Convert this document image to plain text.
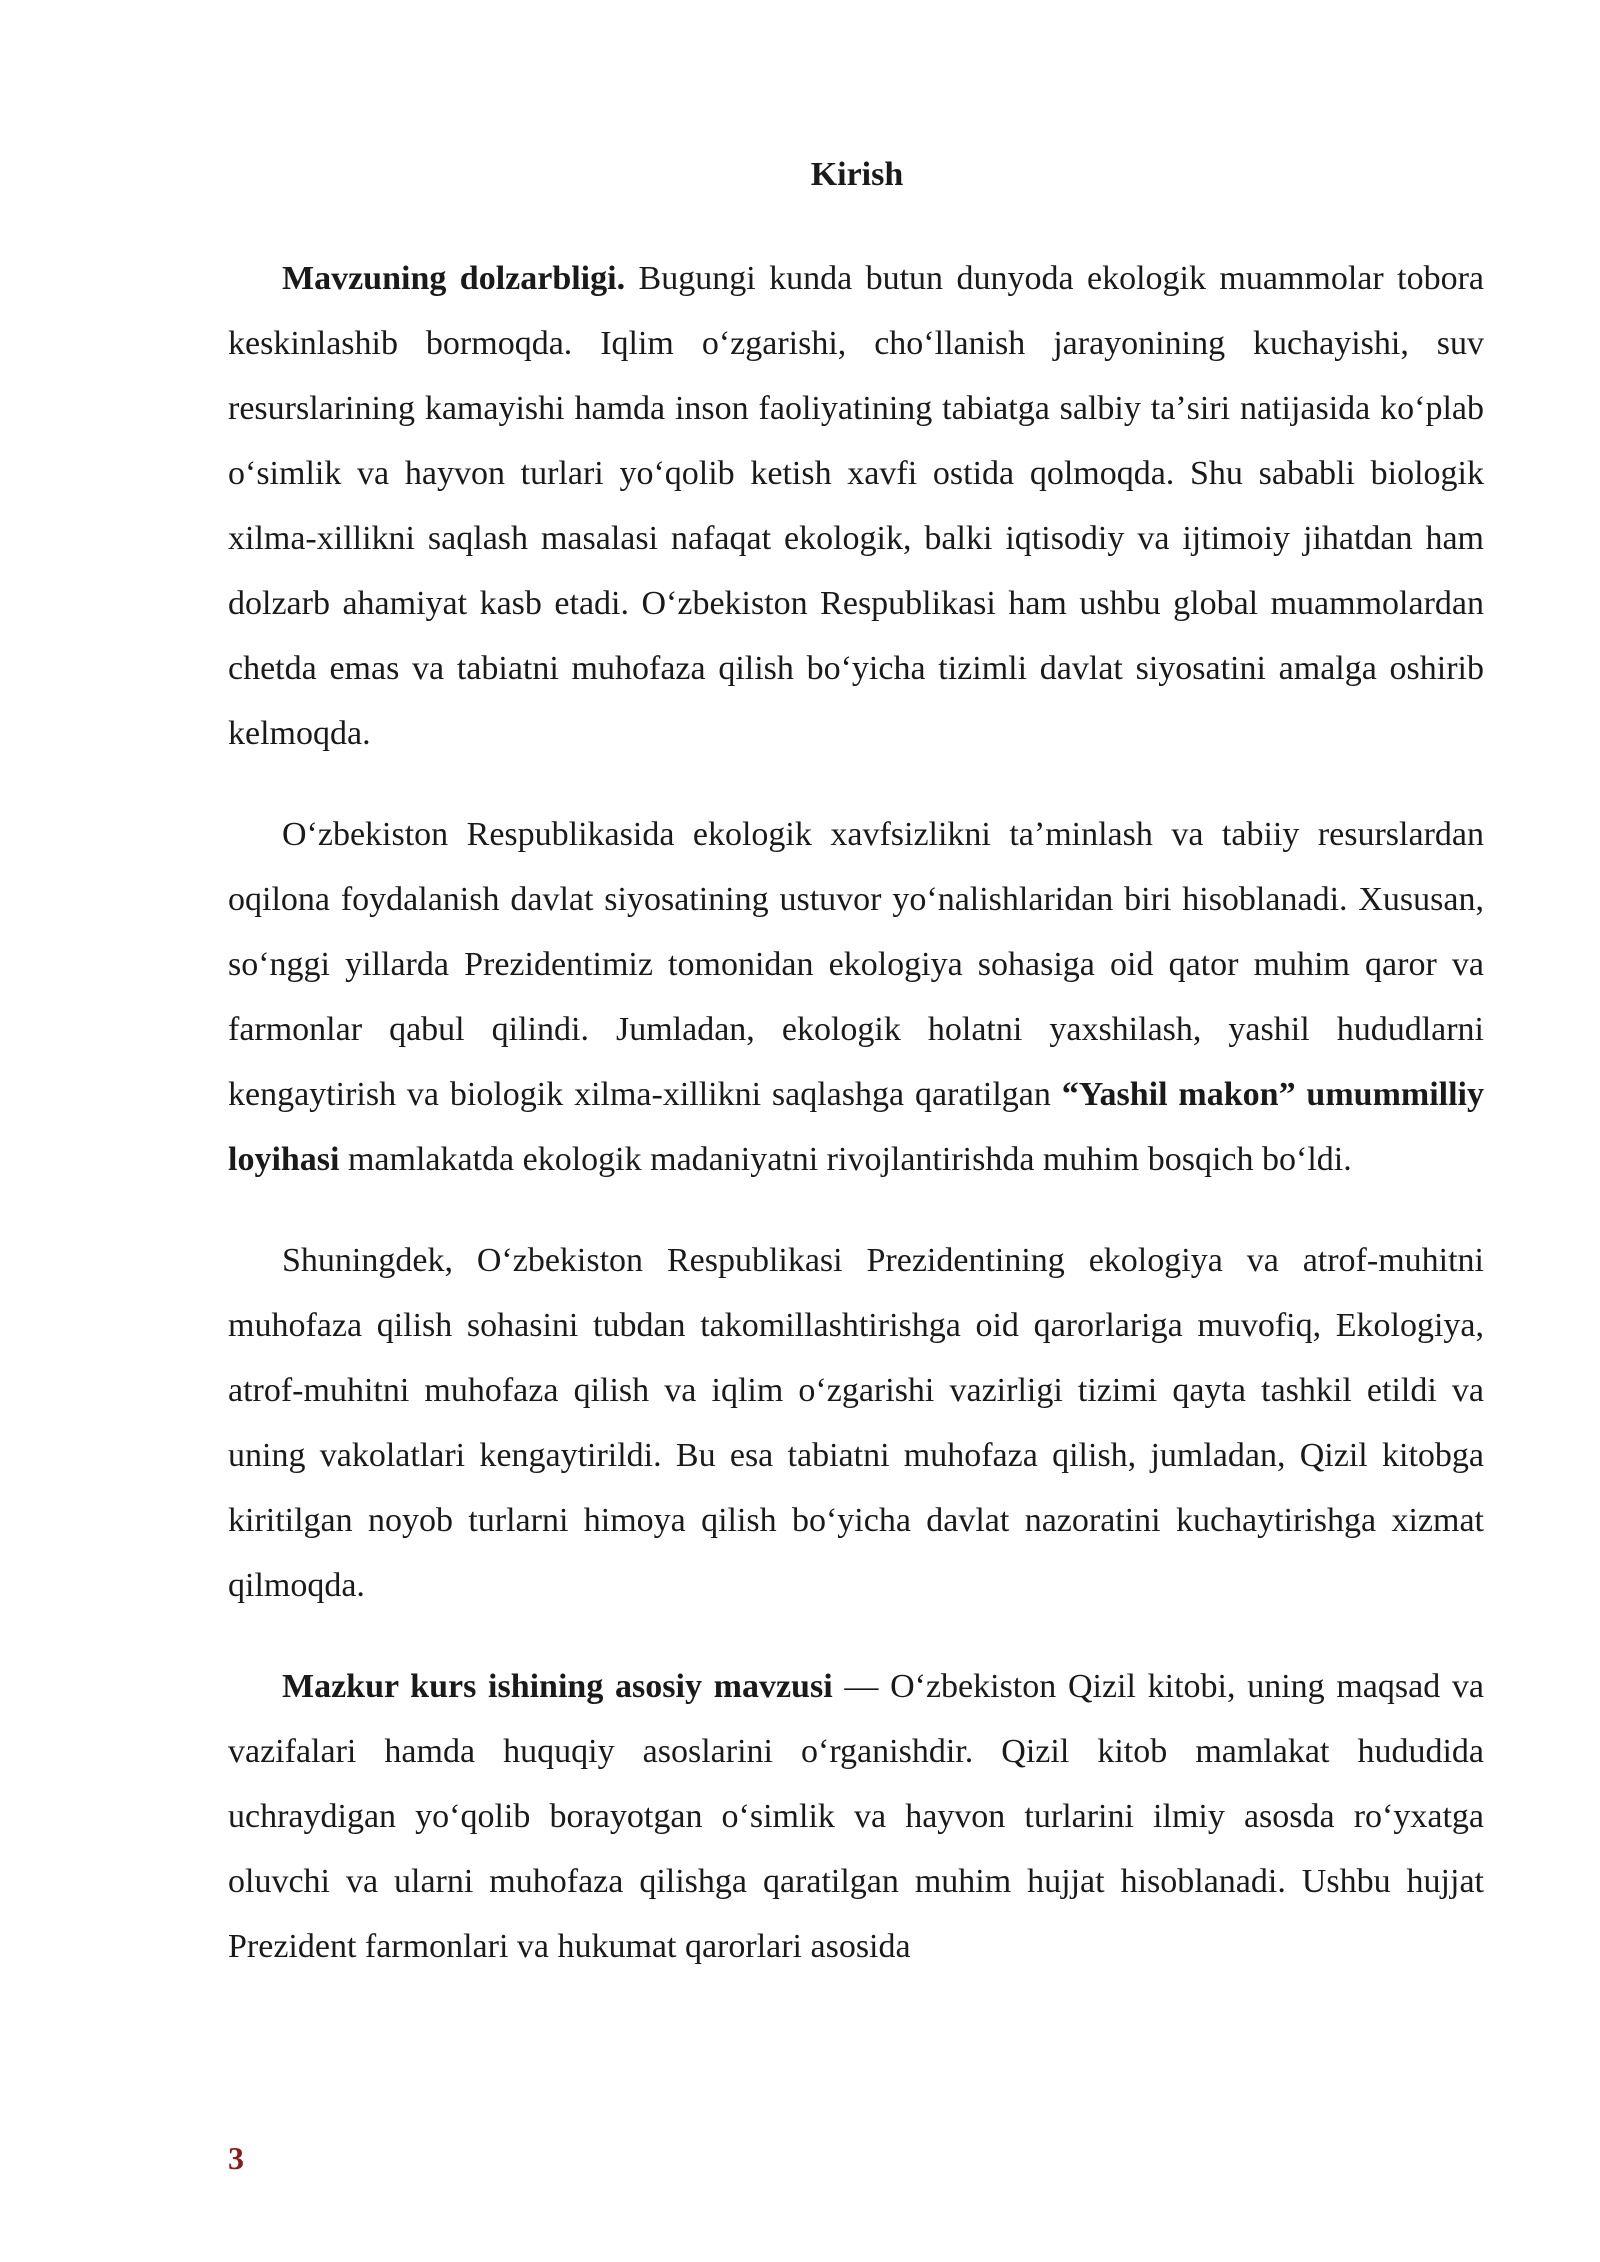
Kirish

Mavzuning dolzarbligi. Bugungi kunda butun dunyoda ekologik muammolar tobora keskinlashib bormoqda. Iqlim oʻzgarishi, choʻllanish jarayonining kuchayishi, suv resurslarining kamayishi hamda inson faoliyatining tabiatga salbiy taʼsiri natijasida koʻplab oʻsimlik va hayvon turlari yoʻqolib ketish xavfi ostida qolmoqda. Shu sababli biologik xilma-xillikni saqlash masalasi nafaqat ekologik, balki iqtisodiy va ijtimoiy jihatdan ham dolzarb ahamiyat kasb etadi. Oʻzbekiston Respublikasi ham ushbu global muammolardan chetda emas va tabiatni muhofaza qilish boʻyicha tizimli davlat siyosatini amalga oshirib kelmoqda.

Oʻzbekiston Respublikasida ekologik xavfsizlikni taʼminlash va tabiiy resurslardan oqilona foydalanish davlat siyosatining ustuvor yoʻnalishlaridan biri hisoblanadi. Xususan, soʻnggi yillarda Prezidentimiz tomonidan ekologiya sohasiga oid qator muhim qaror va farmonlar qabul qilindi. Jumladan, ekologik holatni yaxshilash, yashil hududlarni kengaytirish va biologik xilma-xillikni saqlashga qaratilgan “Yashil makon” umummilliy loyihasi mamlakatda ekologik madaniyatni rivojlantirishda muhim bosqich boʻldi.

Shuningdek, Oʻzbekiston Respublikasi Prezidentining ekologiya va atrof-muhitni muhofaza qilish sohasini tubdan takomillashtirishga oid qarorlariga muvofiq, Ekologiya, atrof-muhitni muhofaza qilish va iqlim oʻzgarishi vazirligi tizimi qayta tashkil etildi va uning vakolatlari kengaytirildi. Bu esa tabiatni muhofaza qilish, jumladan, Qizil kitobga kiritilgan noyob turlarni himoya qilish boʻyicha davlat nazoratini kuchaytirishga xizmat qilmoqda.

Mazkur kurs ishining asosiy mavzusi — Oʻzbekiston Qizil kitobi, uning maqsad va vazifalari hamda huquqiy asoslarini oʻrganishdir. Qizil kitob mamlakat hududida uchraydigan yoʻqolib borayotgan oʻsimlik va hayvon turlarini ilmiy asosda roʻyxatga oluvchi va ularni muhofaza qilishga qaratilgan muhim hujjat hisoblanadi. Ushbu hujjat Prezident farmonlari va hukumat qarorlari asosida

3
